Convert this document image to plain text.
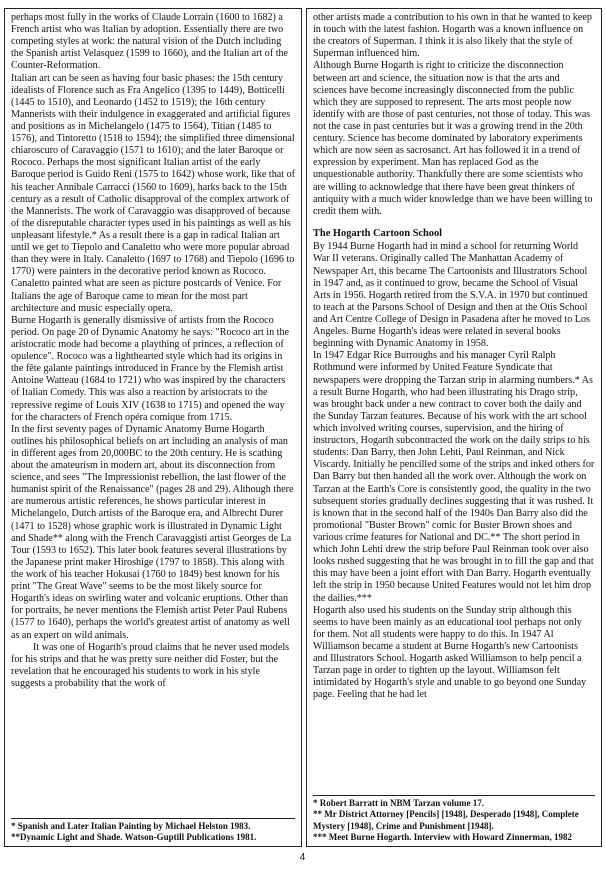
perhaps most fully in the works of Claude Lorrain (1600 to 1682) a French artist who was Italian by adoption. Essentially there are two competing styles at work: the natural vision of the Dutch including the Spanish artist Velasquez (1599 to 1660), and the Italian art of the Counter-Reformation.

Italian art can be seen as having four basic phases: the 15th century idealists of Florence such as Fra Angelico (1395 to 1449), Botticelli (1445 to 1510), and Leonardo (1452 to 1519); the 16th century Mannerists with their indulgence in exaggerated and artificial figures and positions as in Michelangelo (1475 to 1564), Titian (1485 to 1576), and Tintoretto (1518 to 1594); the simplified three dimensional chiaroscuro of Caravaggio (1571 to 1610); and the later Baroque or Rococo. Perhaps the most significant Italian artist of the early Baroque period is Guido Reni (1575 to 1642) whose work, like that of his teacher Annibale Carracci (1560 to 1609), harks back to the 15th century as a result of Catholic disapproval of the complex artwork of the Mannerists. The work of Caravaggio was disapproved of because of the disreputable character types used in his paintings as well as his unpleasant lifestyle.* As a result there is a gap in radical Italian art until we get to Tiepolo and Canaletto who were more popular abroad than they were in Italy. Canaletto (1697 to 1768) and Tiepolo (1696 to 1770) were painters in the decorative period known as Rococo. Canaletto painted what are seen as picture postcards of Venice. For Italians the age of Baroque came to mean for the most part architecture and music especially opera.

Burne Hogarth is generally dismissive of artists from the Rococo period. On page 20 of Dynamic Anatomy he says: "Rococo art in the aristocratic mode had become a plaything of princes, a reflection of opulence". Rococo was a lighthearted style which had its origins in the fête galante paintings introduced in France by the Flemish artist Antoine Watteau (1684 to 1721) who was inspired by the characters of Italian Comedy. This was also a reaction by aristocrats to the repressive regime of Louis XIV (1638 to 1715) and opened the way for the characters of French opéra comique from 1715.

In the first seventy pages of Dynamic Anatomy Burne Hogarth outlines his philosophical beliefs on art including an analysis of man in different ages from 20,000BC to the 20th century. He is scathing about the amateurism in modern art, about its disconnection from science, and sees "The Impressionist rebellion, the last flower of the humanist spirit of the Renaissance" (pages 28 and 29). Although there are numerous artistic references, he shows particular interest in Michelangelo, Dutch artists of the Baroque era, and Albrecht Durer (1471 to 1528) whose graphic work is illustrated in Dynamic Light and Shade** along with the French Caravaggisti artist Georges de La Tour (1593 to 1652). This later book features several illustrations by the Japanese print maker Hiroshige (1797 to 1858). This along with the work of his teacher Hokusai (1760 to 1849) best known for his print "The Great Wave" seems to be the most likely source for Hogarth's ideas on swirling water and volcanic eruptions. Other than for portraits, he never mentions the Flemish artist Peter Paul Rubens (1577 to 1640), perhaps the world's greatest artist of anatomy as well as an expert on wild animals.

It was one of Hogarth's proud claims that he never used models for his strips and that he was pretty sure neither did Foster, but the revelation that he encouraged his students to work in his style suggests a probability that the work of

* Spanish and Later Italian Painting by Michael Helston 1983.

**Dynamic Light and Shade. Watson-Guptill Publications 1981.

other artists made a contribution to his own in that he wanted to keep in touch with the latest fashion. Hogarth was a known influence on the creators of Superman. I think it is also likely that the style of Superman influenced him.

Although Burne Hogarth is right to criticize the disconnection between art and science, the situation now is that the arts and sciences have become increasingly disconnected from the public which they are supposed to represent. The arts most people now identify with are those of past centuries, not those of today. This was not the case in past centuries but it was a growing trend in the 20th century. Science has become dominated by laboratory experiments which are now seen as sacrosanct. Art has followed it in a trend of expression by experiment. Man has replaced God as the unquestionable authority. Thankfully there are some scientists who are willing to acknowledge that there have been great thinkers of antiquity with a much wider knowledge than we have been willing to credit them with.

The Hogarth Cartoon School

By 1944 Burne Hogarth had in mind a school for returning World War II veterans. Originally called The Manhattan Academy of Newspaper Art, this became The Cartoonists and Illustrators School in 1947 and, as it continued to grow, became the School of Visual Arts in 1956. Hogarth retired from the S.V.A. in 1970 but continued to teach at the Parsons School of Design and then at the Otis School and Art Centre College of Design in Pasadena after he moved to Los Angeles. Burne Hogarth's ideas were related in several books beginning with Dynamic Anatomy in 1958.

In 1947 Edgar Rice Burroughs and his manager Cyril Ralph Rothmund were informed by United Feature Syndicate that newspapers were dropping the Tarzan strip in alarming numbers.* As a result Burne Hogarth, who had been illustrating his Drago strip, was brought back under a new contract to cover both the daily and the Sunday Tarzan features. Because of his work with the art school which involved writing courses, supervision, and the hiring of instructors, Hogarth subcontracted the work on the daily strips to his students: Dan Barry, then John Lehti, Paul Reinman, and Nick Viscardy. Initially he pencilled some of the strips and inked others for Dan Barry but then handed all the work over. Although the work on Tarzan at the Earth's Core is consistently good, the quality in the two subsequent stories gradually declines suggesting that it was rushed. It is known that in the second half of the 1940s Dan Barry also did the promotional "Buster Brown" comic for Buster Brown shoes and various crime features for National and DC.** The short period in which John Lehti drew the strip before Paul Reinman took over also looks rushed suggesting that he was brought in to fill the gap and that this may have been a joint effort with Dan Barry. Hogarth eventually left the strip in 1950 because United Features would not let him drop the dailies.***

Hogarth also used his students on the Sunday strip although this seems to have been mainly as an educational tool perhaps not only for them. Not all students were happy to do this. In 1947 Al Williamson became a student at Burne Hogarth's new Cartoonists and Illustrators School. Hogarth asked Williamson to help pencil a Tarzan page in order to tighten up the layout. Williamson felt intimidated by Hogarth's style and unable to go beyond one Sunday page. Feeling that he had let

* Robert Barratt in NBM Tarzan volume 17.

** Mr District Attorney [Pencils] [1948], Desperado [1948], Complete Mystery [1948], Crime and Punishment [1948].

*** Meet Burne Hogarth. Interview with Howard Zinnerman, 1982

4
